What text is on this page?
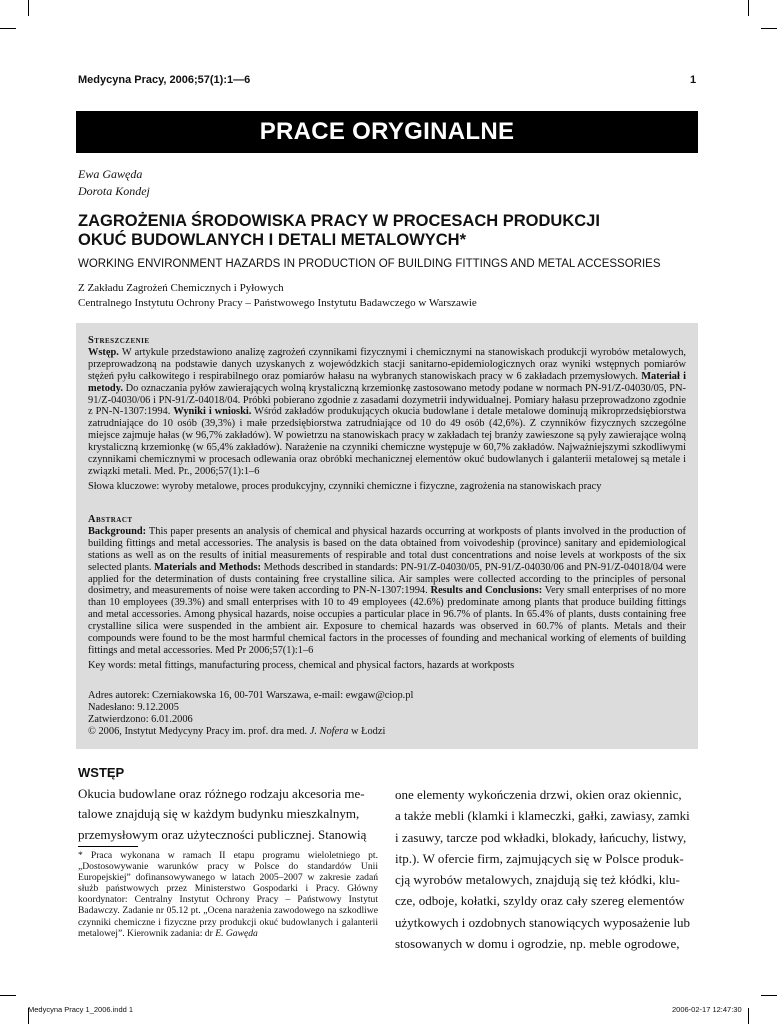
Medycyna Pracy, 2006;57(1):1—6	1
PRACE ORYGINALNE
Ewa Gawęda
Dorota Kondej
ZAGROŻENIA ŚRODOWISKA PRACY W PROCESACH PRODUKCJI
OKUĆ BUDOWLANYCH I DETALI METALOWYCH*
WORKING ENVIRONMENT HAZARDS IN PRODUCTION OF BUILDING FITTINGS AND METAL ACCESSORIES
Z Zakładu Zagrożeń Chemicznych i Pyłowych
Centralnego Instytutu Ochrony Pracy – Państwowego Instytutu Badawczego w Warszawie
Streszczenie
Wstęp. W artykule przedstawiono analizę zagrożeń czynnikami fizycznymi i chemicznymi na stanowiskach produkcji wyrobów metalowych, przeprowadzoną na podstawie danych uzyskanych z wojewódzkich stacji sanitarno-epidemiologicznych oraz wyniki wstępnych pomiarów stężeń pyłu całkowitego i respirabilnego oraz pomiarów hałasu na wybranych stanowiskach pracy w 6 zakładach przemysłowych. Materiał i metody. Do oznaczania pyłów zawierających wolną krystaliczną krzemionkę zastosowano metody podane w normach PN-91/Z-04030/05, PN-91/Z-04030/06 i PN-91/Z-04018/04. Próbki pobierano zgodnie z zasadami dozymetrii indywidualnej. Pomiary hałasu przeprowadzono zgodnie z PN-N-1307:1994. Wyniki i wnioski. Wśród zakładów produkujących okucia budowlane i detale metalowe dominują mikroprzedsiębiorstwa zatrudniające do 10 osób (39,3%) i małe przedsiębiorstwa zatrudniające od 10 do 49 osób (42,6%). Z czynników fizycznych szczególne miejsce zajmuje hałas (w 96,7% zakładów). W powietrzu na stanowiskach pracy w zakładach tej branży zawieszone są pyły zawierające wolną krystaliczną krzemionkę (w 65,4% zakładów). Narażenie na czynniki chemiczne występuje w 60,7% zakładów. Najważniejszymi szkodliwymi czynnikami chemicznymi w procesach odlewania oraz obróbki mechanicznej elementów okuć budowlanych i galanterii metalowej są metale i związki metali. Med. Pr., 2006;57(1):1–6
Słowa kluczowe: wyroby metalowe, proces produkcyjny, czynniki chemiczne i fizyczne, zagrożenia na stanowiskach pracy
Abstract
Background: This paper presents an analysis of chemical and physical hazards occurring at workposts of plants involved in the production of building fittings and metal accessories. The analysis is based on the data obtained from voivodeship (province) sanitary and epidemiological stations as well as on the results of initial measurements of respirable and total dust concentrations and noise levels at workposts of the six selected plants. Materials and Methods: Methods described in standards: PN-91/Z-04030/05, PN-91/Z-04030/06 and PN-91/Z-04018/04 were applied for the determination of dusts containing free crystalline silica. Air samples were collected according to the principles of personal dosimetry, and measurements of noise were taken according to PN-N-1307:1994. Results and Conclusions: Very small enterprises of no more than 10 employees (39.3%) and small enterprises with 10 to 49 employees (42.6%) predominate among plants that produce building fittings and metal accessories. Among physical hazards, noise occupies a particular place in 96.7% of plants. In 65.4% of plants, dusts containing free crystalline silica were suspended in the ambient air. Exposure to chemical hazards was observed in 60.7% of plants. Metals and their compounds were found to be the most harmful chemical factors in the processes of founding and mechanical working of elements of building fittings and metal accessories. Med Pr 2006;57(1):1–6
Key words: metal fittings, manufacturing process, chemical and physical factors, hazards at workposts
Adres autorek: Czerniakowska 16, 00-701 Warszawa, e-mail: ewgaw@ciop.pl
Nadesłano: 9.12.2005
Zatwierdzono: 6.01.2006
© 2006, Instytut Medycyny Pracy im. prof. dra med. J. Nofera w Łodzi
WSTĘP
Okucia budowlane oraz różnego rodzaju akcesoria me-
talowe znajdują się w każdym budynku mieszkalnym,
przemysłowym oraz użyteczności publicznej. Stanowią
one elementy wykończenia drzwi, okien oraz okiennic,
a także mebli (klamki i klameczki, gałki, zawiasy, zamki
i zasuwy, tarcze pod wkładki, blokady, łańcuchy, listwy,
itp.). W ofercie firm, zajmujących się w Polsce produk-
cją wyrobów metalowych, znajdują się też kłódki, klu-
cze, odboje, kołatki, szyldy oraz cały szereg elementów
użytkowych i ozdobnych stanowiących wyposażenie lub
stosowanych w domu i ogrodzie, np. meble ogrodowe,
* Praca wykonana w ramach II etapu programu wieloletniego pt. „Dostosowywanie warunków pracy w Polsce do standardów Unii Europejskiej” dofinansowywanego w latach 2005–2007 w zakresie zadań służb państwowych przez Ministerstwo Gospodarki i Pracy. Główny koordynator: Centralny Instytut Ochrony Pracy – Państwowy Instytut Badawczy. Zadanie nr 05.12 pt. „Ocena narażenia zawodowego na szkodliwe czynniki chemiczne i fizyczne przy produkcji okuć budowlanych i galanterii metalowej”. Kierownik zadania: dr E. Gawęda
Medycyna Pracy 1_2006.indd 1	2006-02-17 12:47:30
